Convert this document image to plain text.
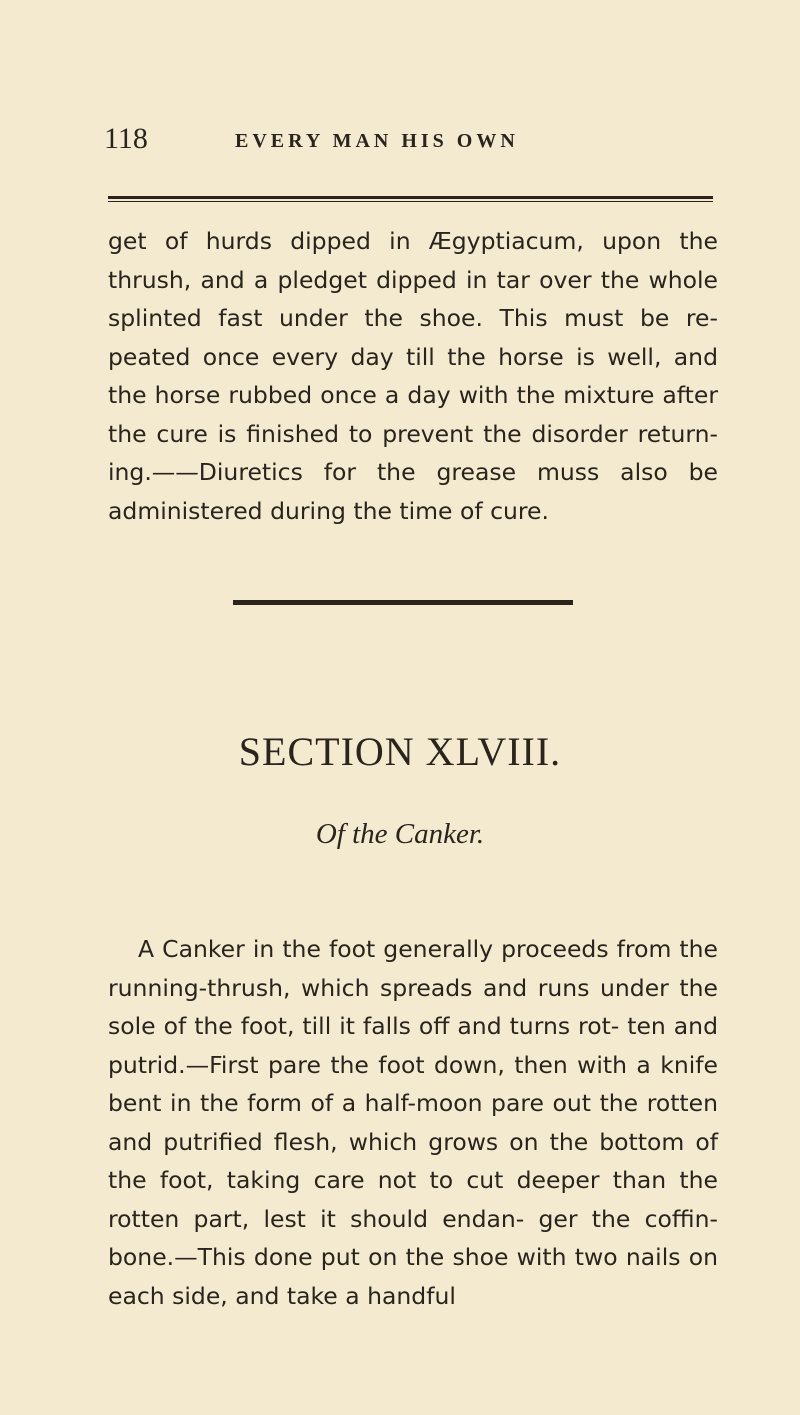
118	EVERY MAN HIS OWN
get of hurds dipped in Ægyptiacum, upon the thrush, and a pledget dipped in tar over the whole splinted fast under the shoe. This must be re- peated once every day till the horse is well, and the horse rubbed once a day with the mixture after the cure is finished to prevent the disorder return- ing.——Diuretics for the grease muss also be administered during the time of cure.
SECTION XLVIII.
Of the Canker.
A Canker in the foot generally proceeds from the running-thrush, which spreads and runs under the sole of the foot, till it falls off and turns rot- ten and putrid.—First pare the foot down, then with a knife bent in the form of a half-moon pare out the rotten and putrified flesh, which grows on the bottom of the foot, taking care not to cut deeper than the rotten part, lest it should endan- ger the coffin-bone.—This done put on the shoe with two nails on each side, and take a handful
